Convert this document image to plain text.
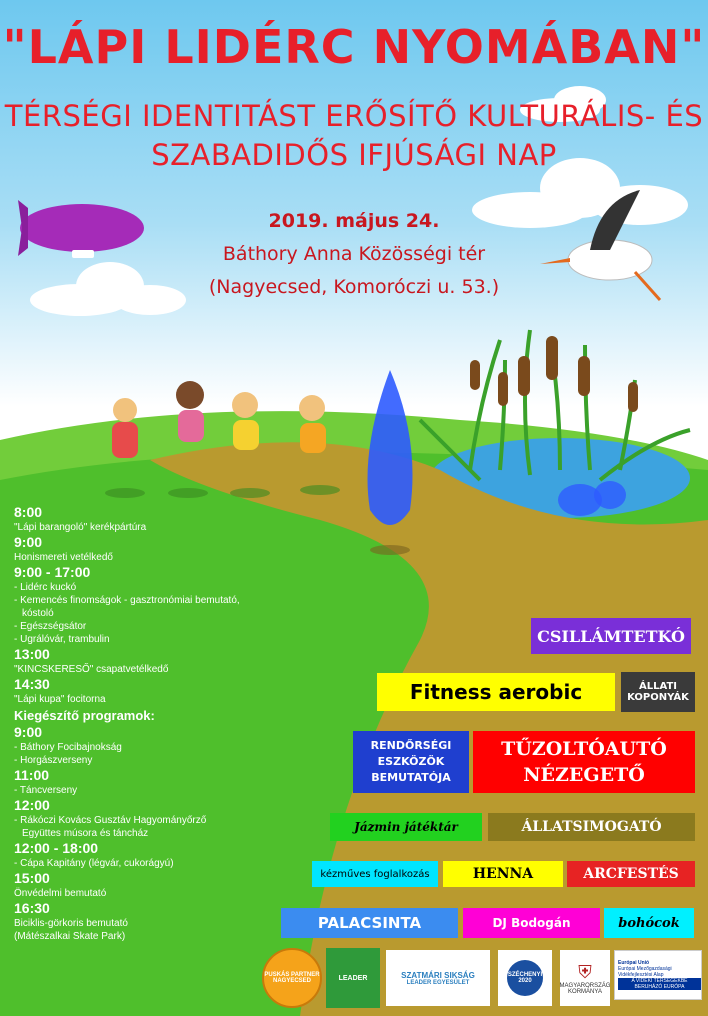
"LÁPI LIDÉRC NYOMÁBAN"
TÉRSÉGI IDENTITÁST ERŐSÍTŐ KULTURÁLIS- ÉS
SZABADIDŐS IFJÚSÁGI NAP
2019. május 24.
Báthory Anna Közösségi tér
(Nagyecsed, Komoróczi u. 53.)
8:00
"Lápi barangoló" kerékpártúra
9:00
Honismereti vetélkedő
9:00 - 17:00
- Lidérc kuckó
- Kemencés finomságok - gasztronómiai bemutató,
kóstoló
- Egészségsátor
- Ugrálóvár, trambulin
13:00
"KINCSKERESŐ" csapatvetélkedő
14:30
"Lápi kupa" focitorna
Kiegészítő programok:
9:00
- Báthory Focibajnokság
- Horgászverseny
11:00
- Táncverseny
12:00
- Rákóczi Kovács Gusztáv Hagyományőrző
Együttes músora és táncház
12:00 - 18:00
- Cápa Kapitány (légvár, cukorágyú)
15:00
Önvédelmi bemutató
16:30
Biciklis-görkoris bemutató
(Mátészalkai Skate Park)
CSILLÁMTETKÓ
Fitness aerobic	ÁLLATI
KOPONYÁK
RENDŐRSÉGI
ESZKÖZÖK
BEMUTATÓJA
TŰZOLTÓAUTÓ
NÉZEGETŐ
Jázmin játéktár	ÁLLATSIMOGATÓ
kézműves foglalkozás	HENNA	ARCFESTÉS
PALACSINTA	DJ Bodogán	bohócok
PUSKÁS PARTNER NAGYECSED	LEADER	SZATMÁRI SIKSÁG
LEADER EGYESÜLET
SZÉCHENYI 2020	⛨
MAGYARORSZÁG
KORMÁNYA
Európai Unió
Európai Mezőgazdasági
Vidékfejlesztési Alap
A VIDÉKI TÉRSÉGEKBE BERUHÁZÓ EURÓPA
